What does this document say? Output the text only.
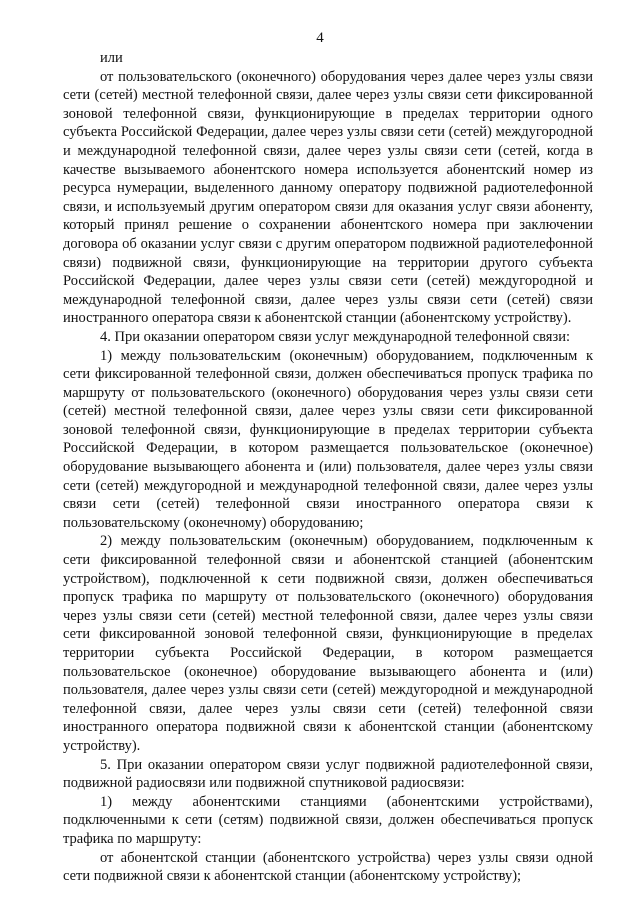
4

или

от пользовательского (оконечного) оборудования через далее через узлы связи сети (сетей) местной телефонной связи, далее через узлы связи сети фиксированной зоновой телефонной связи, функционирующие в пределах территории одного субъекта Российской Федерации, далее через узлы связи сети (сетей) междугородной и международной телефонной связи, далее через узлы связи сети (сетей, когда в качестве вызываемого абонентского номера используется абонентский номер из ресурса нумерации, выделенного данному оператору подвижной радиотелефонной связи, и используемый другим оператором связи для оказания услуг связи абоненту, который принял решение о сохранении абонентского номера при заключении договора об оказании услуг связи с другим оператором подвижной радиотелефонной связи) подвижной связи, функционирующие на территории другого субъекта Российской Федерации, далее через узлы связи сети (сетей) междугородной и международной телефонной связи, далее через узлы связи сети (сетей) связи иностранного оператора связи к абонентской станции (абонентскому устройству).

4. При оказании оператором связи услуг международной телефонной связи:

1) между пользовательским (оконечным) оборудованием, подключенным к сети фиксированной телефонной связи, должен обеспечиваться пропуск трафика по маршруту от пользовательского (оконечного) оборудования через узлы связи сети (сетей) местной телефонной связи, далее через узлы связи сети фиксированной зоновой телефонной связи, функционирующие в пределах территории субъекта Российской Федерации, в котором размещается пользовательское (оконечное) оборудование вызывающего абонента и (или) пользователя, далее через узлы связи сети (сетей) междугородной и международной телефонной связи, далее через узлы связи сети (сетей) телефонной связи иностранного оператора связи к пользовательскому (оконечному) оборудованию;

2) между пользовательским (оконечным) оборудованием, подключенным к сети фиксированной телефонной связи и абонентской станцией (абонентским устройством), подключенной к сети подвижной связи, должен обеспечиваться пропуск трафика по маршруту от пользовательского (оконечного) оборудования через узлы связи сети (сетей) местной телефонной связи, далее через узлы связи сети фиксированной зоновой телефонной связи, функционирующие в пределах территории субъекта Российской Федерации, в котором размещается пользовательское (оконечное) оборудование вызывающего абонента и (или) пользователя, далее через узлы связи сети (сетей) междугородной и международной телефонной связи, далее через узлы связи сети (сетей) телефонной связи иностранного оператора подвижной связи к абонентской станции (абонентскому устройству).

5. При оказании оператором связи услуг подвижной радиотелефонной связи, подвижной радиосвязи или подвижной спутниковой радиосвязи:

1) между абонентскими станциями (абонентскими устройствами), подключенными к сети (сетям) подвижной связи, должен обеспечиваться пропуск трафика по маршруту:

от абонентской станции (абонентского устройства) через узлы связи одной сети подвижной связи к абонентской станции (абонентскому устройству);
